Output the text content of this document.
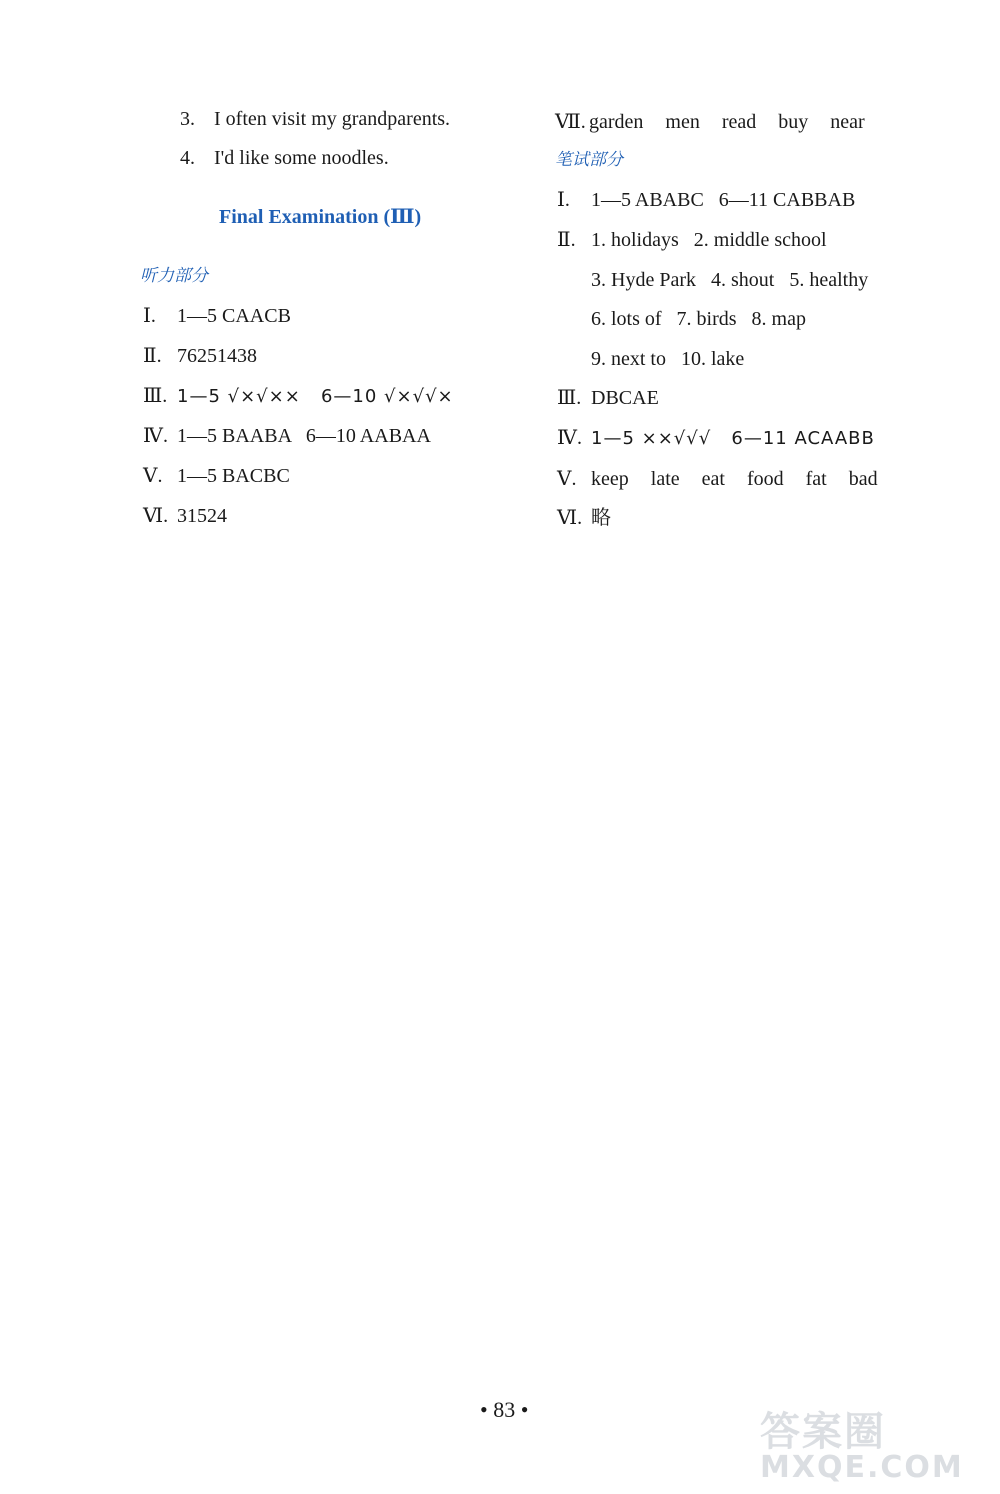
3. I often visit my grandparents.
4. I'd like some noodles.
Final Examination (Ⅲ)
听力部分
Ⅰ. 1—5 CAACB
Ⅱ. 76251438
Ⅲ. 1—5 √×√××   6—10 √×√√×
Ⅳ. 1—5 BAABA   6—10 AABAA
Ⅴ. 1—5 BACBC
Ⅵ. 31524
Ⅶ. garden men read buy near
笔试部分
Ⅰ. 1—5 ABABC   6—11 CABBAB
Ⅱ. 1. holidays   2. middle school
3. Hyde Park   4. shout   5. healthy
6. lots of   7. birds   8. map
9. next to   10. lake
Ⅲ. DBCAE
Ⅳ. 1—5 ××√√√   6—11 ACAABB
Ⅴ. keep late eat food fat bad
Ⅵ. 略
• 83 •	答案圈
MXQE.COM
